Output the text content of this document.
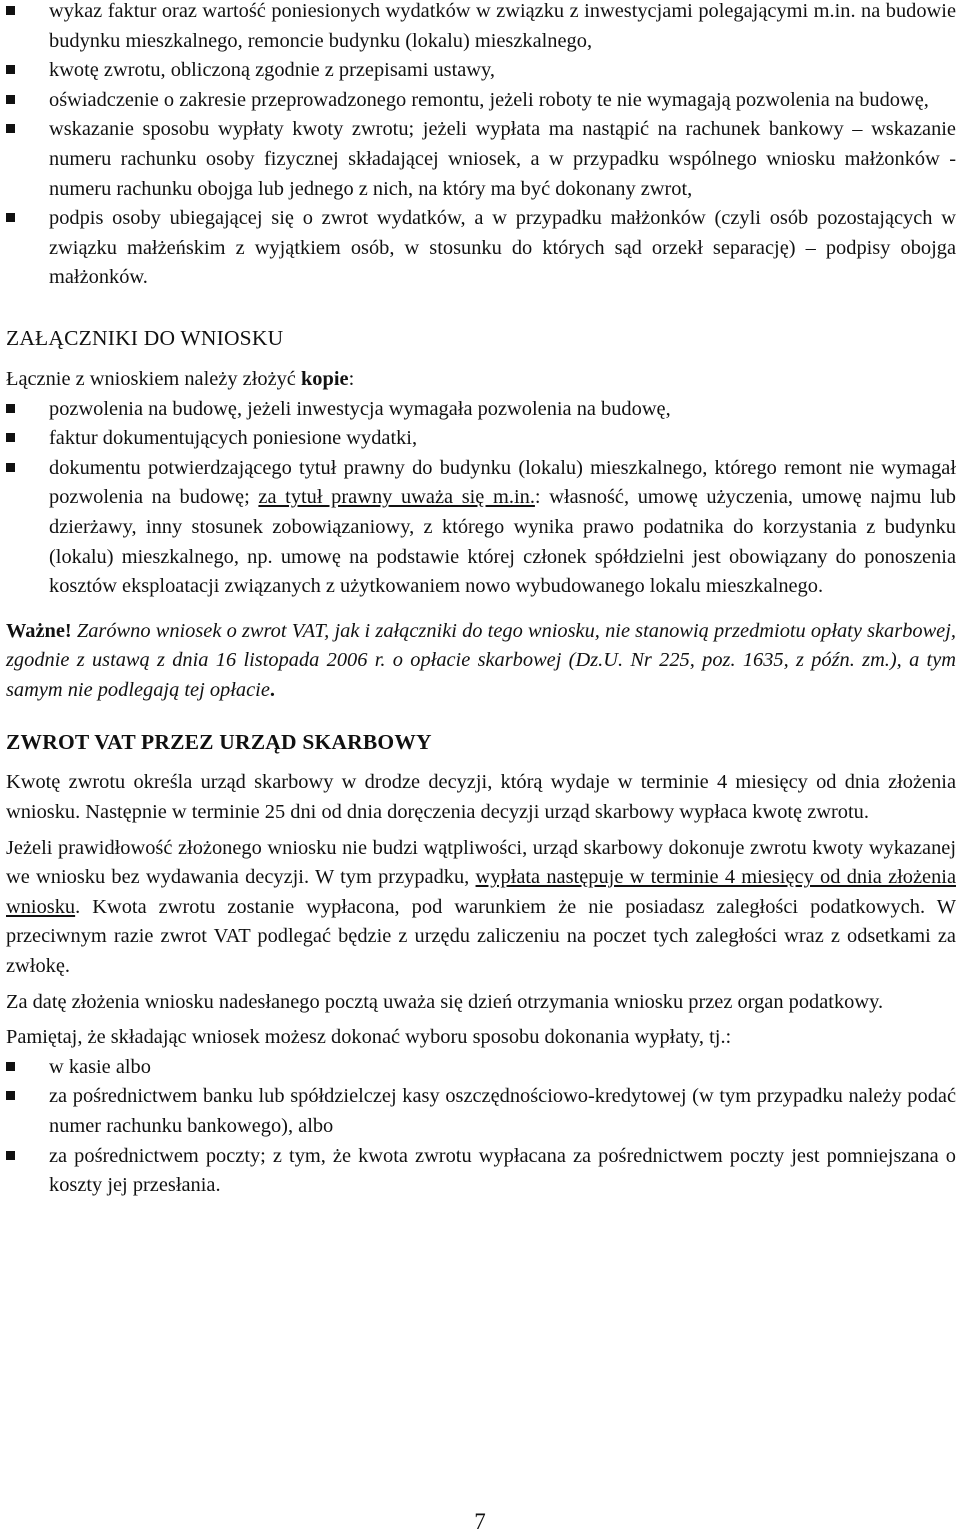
wykaz faktur oraz wartość poniesionych wydatków w związku z inwestycjami polegającymi m.in. na budowie budynku mieszkalnego, remoncie budynku (lokalu) mieszkalnego,
kwotę zwrotu, obliczoną zgodnie z przepisami ustawy,
oświadczenie o zakresie przeprowadzonego remontu, jeżeli roboty te nie wymagają pozwolenia na budowę,
wskazanie sposobu wypłaty kwoty zwrotu; jeżeli wypłata ma nastąpić na rachunek bankowy – wskazanie numeru rachunku osoby fizycznej składającej wniosek, a w przypadku wspólnego wniosku małżonków - numeru rachunku obojga lub jednego z nich, na który ma być dokonany zwrot,
podpis osoby ubiegającej się o zwrot wydatków, a w przypadku małżonków (czyli osób pozostających w związku małżeńskim z wyjątkiem osób, w stosunku do których sąd orzekł separację) – podpisy obojga małżonków.

ZAŁĄCZNIKI DO WNIOSKU

Łącznie z wnioskiem należy złożyć kopie:

pozwolenia na budowę, jeżeli inwestycja wymagała pozwolenia na budowę,
faktur dokumentujących poniesione wydatki,
dokumentu potwierdzającego tytuł prawny do budynku (lokalu) mieszkalnego, którego remont nie wymagał pozwolenia na budowę; za tytuł prawny uważa się m.in.: własność, umowę użyczenia, umowę najmu lub dzierżawy, inny stosunek zobowiązaniowy, z którego wynika prawo podatnika do korzystania z budynku (lokalu) mieszkalnego, np. umowę na podstawie której członek spółdzielni jest obowiązany do ponoszenia kosztów eksploatacji związanych z użytkowaniem nowo wybudowanego lokalu mieszkalnego.

Ważne! Zarówno wniosek o zwrot VAT, jak i załączniki do tego wniosku, nie stanowią przedmiotu opłaty skarbowej, zgodnie z ustawą z dnia 16 listopada 2006 r. o opłacie skarbowej (Dz.U. Nr 225, poz. 1635, z późn. zm.), a tym samym nie podlegają tej opłacie.

ZWROT VAT PRZEZ URZĄD SKARBOWY

Kwotę zwrotu określa urząd skarbowy w drodze decyzji, którą wydaje w terminie 4 miesięcy od dnia złożenia wniosku. Następnie w terminie 25 dni od dnia doręczenia decyzji urząd skarbowy wypłaca kwotę zwrotu.

Jeżeli prawidłowość złożonego wniosku nie budzi wątpliwości, urząd skarbowy dokonuje zwrotu kwoty wykazanej we wniosku bez wydawania decyzji. W tym przypadku, wypłata następuje w terminie 4 miesięcy od dnia złożenia wniosku. Kwota zwrotu zostanie wypłacona, pod warunkiem że nie posiadasz zaległości podatkowych. W przeciwnym razie zwrot VAT podlegać będzie z urzędu zaliczeniu na poczet tych zaległości wraz z odsetkami za zwłokę.

Za datę złożenia wniosku nadesłanego pocztą uważa się dzień otrzymania wniosku przez organ podatkowy.

Pamiętaj, że składając wniosek możesz dokonać wyboru sposobu dokonania wypłaty, tj.:

w kasie albo
za pośrednictwem banku lub spółdzielczej kasy oszczędnościowo-kredytowej (w tym przypadku należy podać numer rachunku bankowego), albo
za pośrednictwem poczty; z tym, że kwota zwrotu wypłacana za pośrednictwem poczty jest pomniejszana o koszty jej przesłania.
7
